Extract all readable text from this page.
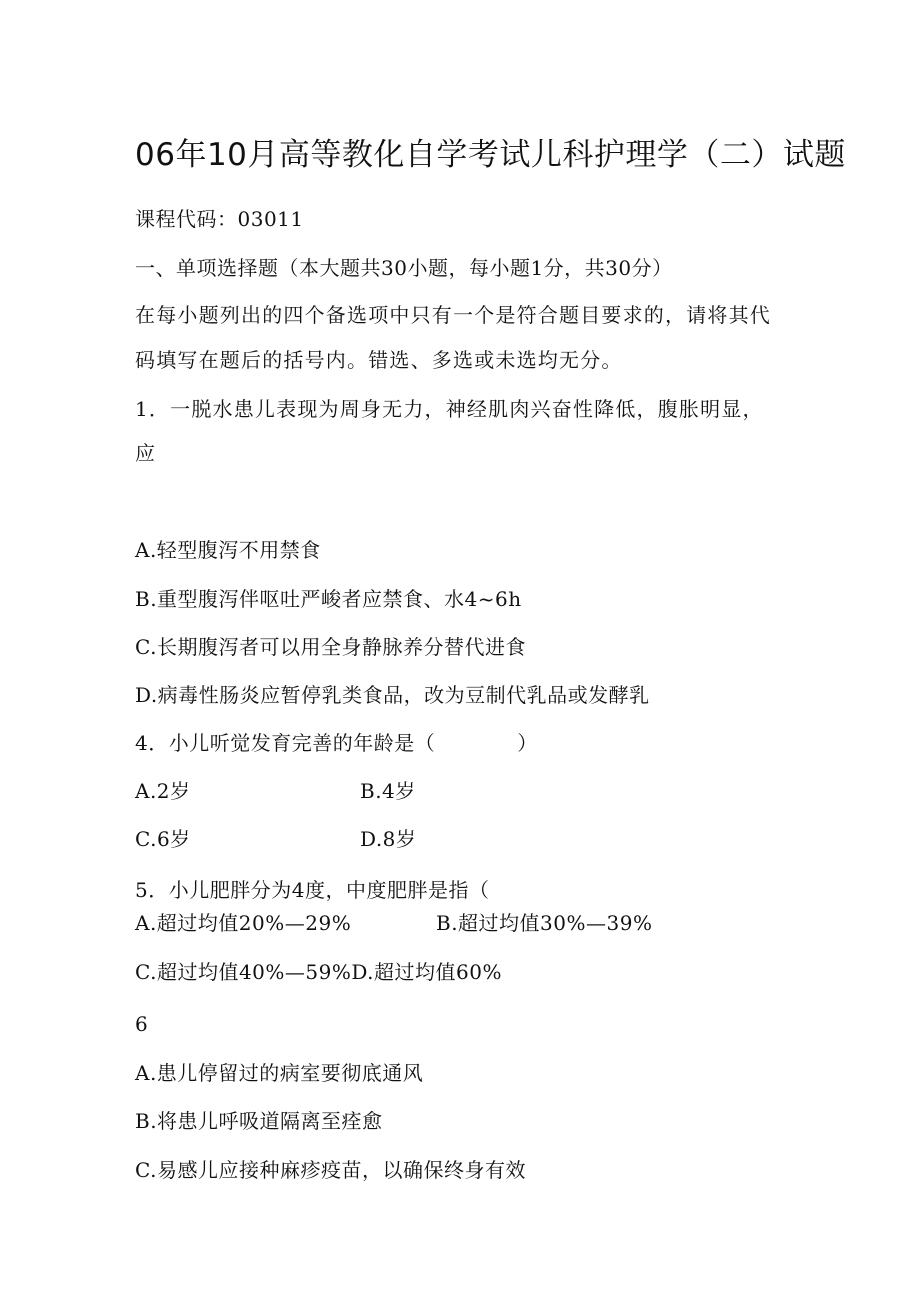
06年10月高等教化自学考试儿科护理学（二）试题
课程代码：03011
一、单项选择题（本大题共30小题，每小题1分，共30分）
在每小题列出的四个备选项中只有一个是符合题目要求的，请将其代
码填写在题后的括号内。错选、多选或未选均无分。
1．一脱水患儿表现为周身无力，神经肌肉兴奋性降低，腹胀明显，
应
A.轻型腹泻不用禁食
B.重型腹泻伴呕吐严峻者应禁食、水4~6h
C.长期腹泻者可以用全身静脉养分替代进食
D.病毒性肠炎应暂停乳类食品，改为豆制代乳品或发酵乳
4．小儿听觉发育完善的年龄是（　　　　）
A.2岁	B.4岁
C.6岁	D.8岁
5．小儿肥胖分为4度，中度肥胖是指（
A.超过均值20%—29%	B.超过均值30%—39%
C.超过均值40%—59%D.超过均值60%
6
A.患儿停留过的病室要彻底通风
B.将患儿呼吸道隔离至痊愈
C.易感儿应接种麻疹疫苗，以确保终身有效
